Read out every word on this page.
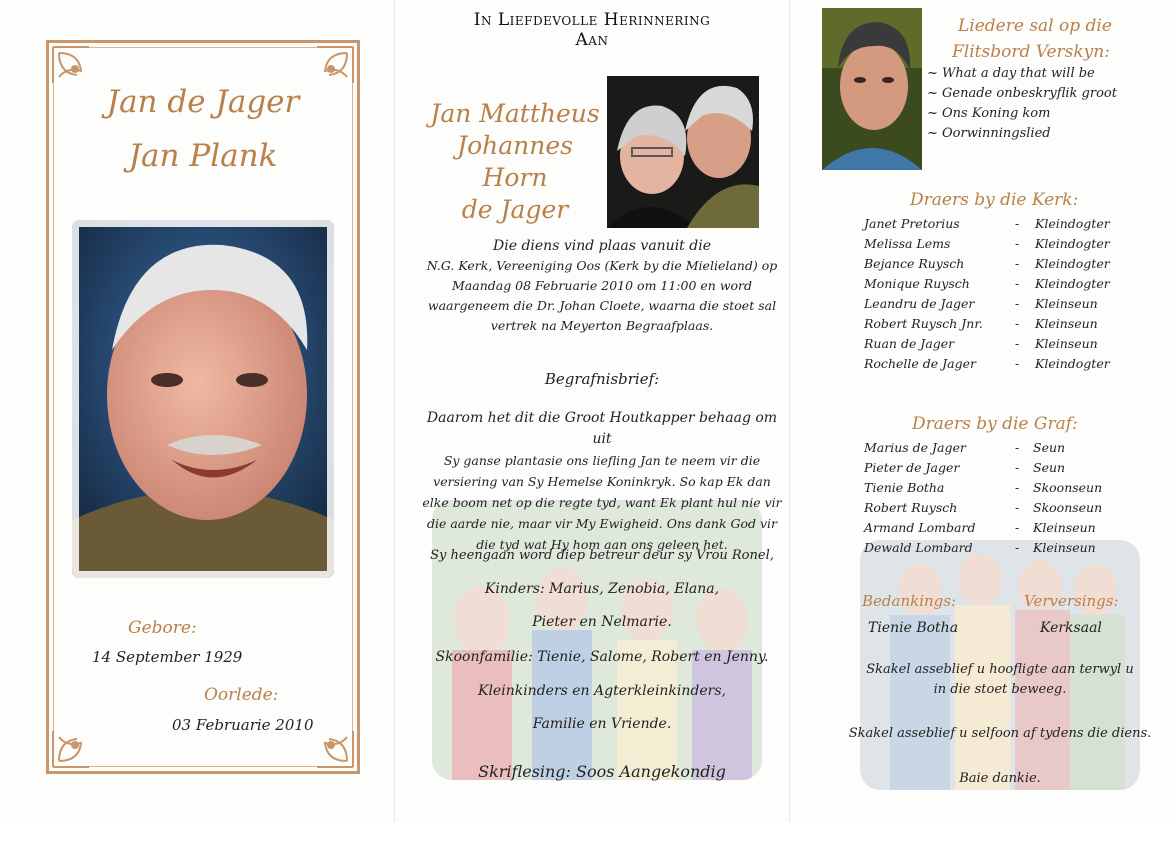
Jan de Jager
Jan Plank
Gebore:
14 September 1929
Oorlede:
03 Februarie 2010
In Liefdevolle Herinnering
Aan
Jan Mattheus
Johannes Horn
de Jager
Die diens vind plaas vanuit die
N.G. Kerk, Vereeniging Oos (Kerk by die Mielieland) op
Maandag 08 Februarie 2010 om 11:00 en word
waargeneem die Dr. Johan Cloete, waarna die stoet sal
vertrek na Meyerton Begraafplaas.
Begrafnisbrief:
Daarom het dit die Groot Houtkapper behaag om uit
Sy ganse plantasie ons liefling Jan te neem vir die
versiering van Sy Hemelse Koninkryk. So kap Ek dan
elke boom net op die regte tyd, want Ek plant hul nie vir
die aarde nie, maar vir My Ewigheid. Ons dank God vir
die tyd wat Hy hom aan ons geleen het.
Sy heengaan word diep betreur deur sy Vrou Ronel,
Kinders: Marius, Zenobia, Elana,
Pieter en Nelmarie.
Skoonfamilie: Tienie, Salome, Robert en Jenny.
Kleinkinders en Agterkleinkinders,
Familie en Vriende.
Skriflesing: Soos Aangekondig
Liedere sal op die
Flitsbord Verskyn:
~ What a day that will be
~ Genade onbeskryflik groot
~ Ons Koning kom
~ Oorwinningslied
Draers by die Kerk:
Janet Pretorius	- Kleindogter
Melissa Lems	- Kleindogter
Bejance Ruysch	- Kleindogter
Monique Ruysch	- Kleindogter
Leandru de Jager	- Kleinseun
Robert Ruysch Jnr.	- Kleinseun
Ruan de Jager	- Kleinseun
Rochelle de Jager	- Kleindogter
Draers by die Graf:
Marius de Jager	- Seun
Pieter de Jager	- Seun
Tienie Botha	- Skoonseun
Robert Ruysch	- Skoonseun
Armand Lombard	- Kleinseun
Dewald Lombard	- Kleinseun
Bedankings:	Verversings:
Tienie Botha	Kerksaal
Skakel asseblief u hoofligte aan terwyl u
in die stoet beweeg.
Skakel asseblief u selfoon af tydens die diens.
Baie dankie.
